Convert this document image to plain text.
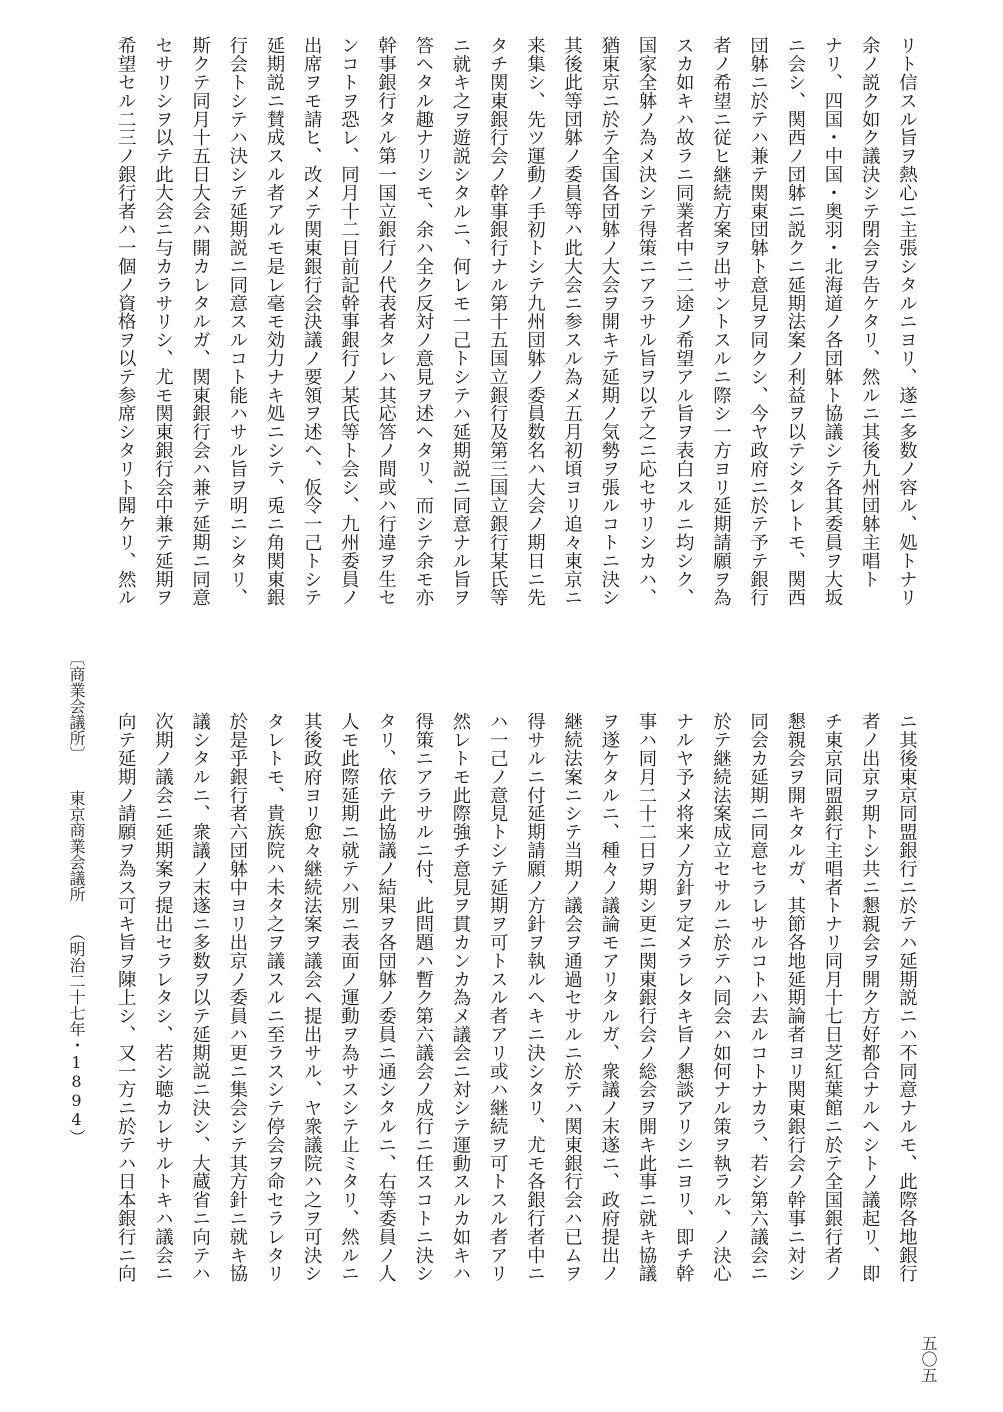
リト信スル旨ヲ熱心ニ主張シタルニヨリ、遂ニ多数ノ容ル、処トナリ
余ノ説ク如ク議決シテ閉会ヲ告ケタリ、然ルニ其後九州団躰主唱ト
ナリ、四国・中国・奥羽・北海道ノ各団躰ト協議シテ各其委員ヲ大坂
ニ会シ、関西ノ団躰ニ説クニ延期法案ノ利益ヲ以テシタレトモ、関西
団躰ニ於テハ兼テ関東団躰ト意見ヲ同クシ、今ヤ政府ニ於テ予テ銀行
者ノ希望ニ従ヒ継続方案ヲ出サントスルニ際シ一方ヨリ延期請願ヲ為
スカ如キハ故ラニ同業者中ニ二途ノ希望アル旨ヲ表白スルニ均シク、
国家全躰ノ為メ決シテ得策ニアラサル旨ヲ以テ之ニ応セサリシカハ、
猶東京ニ於テ全国各団躰ノ大会ヲ開キテ延期ノ気勢ヲ張ルコトニ決シ
其後此等団躰ノ委員等ハ此大会ニ参スル為メ五月初頃ヨリ追々東京ニ
来集シ、先ツ運動ノ手初トシテ九州団躰ノ委員数名ハ大会ノ期日ニ先
タチ関東銀行会ノ幹事銀行ナル第十五国立銀行及第三国立銀行某氏等
ニ就キ之ヲ遊説シタルニ、何レモ一己トシテハ延期説ニ同意ナル旨ヲ
答ヘタル趣ナリシモ、余ハ全ク反対ノ意見ヲ述ヘタリ、而シテ余モ亦
幹事銀行タル第一国立銀行ノ代表者タレハ其応答ノ間或ハ行違ヲ生セ
ンコトヲ恐レ、同月十二日前記幹事銀行ノ某氏等ト会シ、九州委員ノ
出席ヲモ請ヒ、改メテ関東銀行会決議ノ要領ヲ述ヘ、仮令一己トシテ
延期説ニ賛成スル者アルモ是レ毫モ効力ナキ処ニシテ、兎ニ角関東銀
行会トシテハ決シテ延期説ニ同意スルコト能ハサル旨ヲ明ニシタリ、
斯クテ同月十五日大会ハ開カレタルガ、関東銀行会ハ兼テ延期ニ同意
セサリシヲ以テ此大会ニ与カラサリシ、尤モ関東銀行会中兼テ延期ヲ
希望セル二三ノ銀行者ハ一個ノ資格ヲ以テ参席シタリト聞ケリ、然ル
ニ其後東京同盟銀行ニ於テハ延期説ニハ不同意ナルモ、此際各地銀行
者ノ出京ヲ期トシ共ニ懇親会ヲ開ク方好都合ナルヘシトノ議起リ、即
チ東京同盟銀行主唱者トナリ同月十七日芝紅葉館ニ於テ全国銀行者ノ
懇親会ヲ開キタルガ、其節各地延期論者ヨリ関東銀行会ノ幹事ニ対シ
同会カ延期ニ同意セラレサルコトハ去ルコトナカラ、若シ第六議会ニ
於テ継続法案成立セサルニ於テハ同会ハ如何ナル策ヲ執ラル、ノ決心
ナルヤ予メ将来ノ方針ヲ定メラレタキ旨ノ懇談アリシニヨリ、即チ幹
事ハ同月二十二日ヲ期シ更ニ関東銀行会ノ総会ヲ開キ此事ニ就キ協議
ヲ遂ケタルニ、種々ノ議論モアリタルガ、衆議ノ末遂ニ、政府提出ノ
継続法案ニシテ当期ノ議会ヲ通過セサルニ於テハ関東銀行会ハ已ムヲ
得サルニ付延期請願ノ方針ヲ執ルヘキニ決シタリ、尤モ各銀行者中ニ
ハ一己ノ意見トシテ延期ヲ可トスル者アリ或ハ継続ヲ可トスル者アリ
然レトモ此際強チ意見ヲ貫カンカ為メ議会ニ対シテ運動スルカ如キハ
得策ニアラサルニ付、此問題ハ暫ク第六議会ノ成行ニ任スコトニ決シ
タリ、依テ此協議ノ結果ヲ各団躰ノ委員ニ通シタルニ、右等委員ノ人
人モ此際延期ニ就テハ別ニ表面ノ運動ヲ為サスシテ止ミタリ、然ルニ
其後政府ヨリ愈々継続法案ヲ議会ヘ提出サル、ヤ衆議院ハ之ヲ可決シ
タレトモ、貴族院ハ未タ之ヲ議スルニ至ラスシテ停会ヲ命セラレタリ
於是乎銀行者六団躰中ヨリ出京ノ委員ハ更ニ集会シテ其方針ニ就キ協
議シタルニ、衆議ノ末遂ニ多数ヲ以テ延期説ニ決シ、大蔵省ニ向テハ
次期ノ議会ニ延期案ヲ提出セラレタシ、若シ聴カレサルトキハ議会ニ
向テ延期ノ請願ヲ為ス可キ旨ヲ陳上シ、又一方ニ於テハ日本銀行ニ向
〔商業会議所〕
東京商業会議所
（明治二十七年・1894）
五〇五
